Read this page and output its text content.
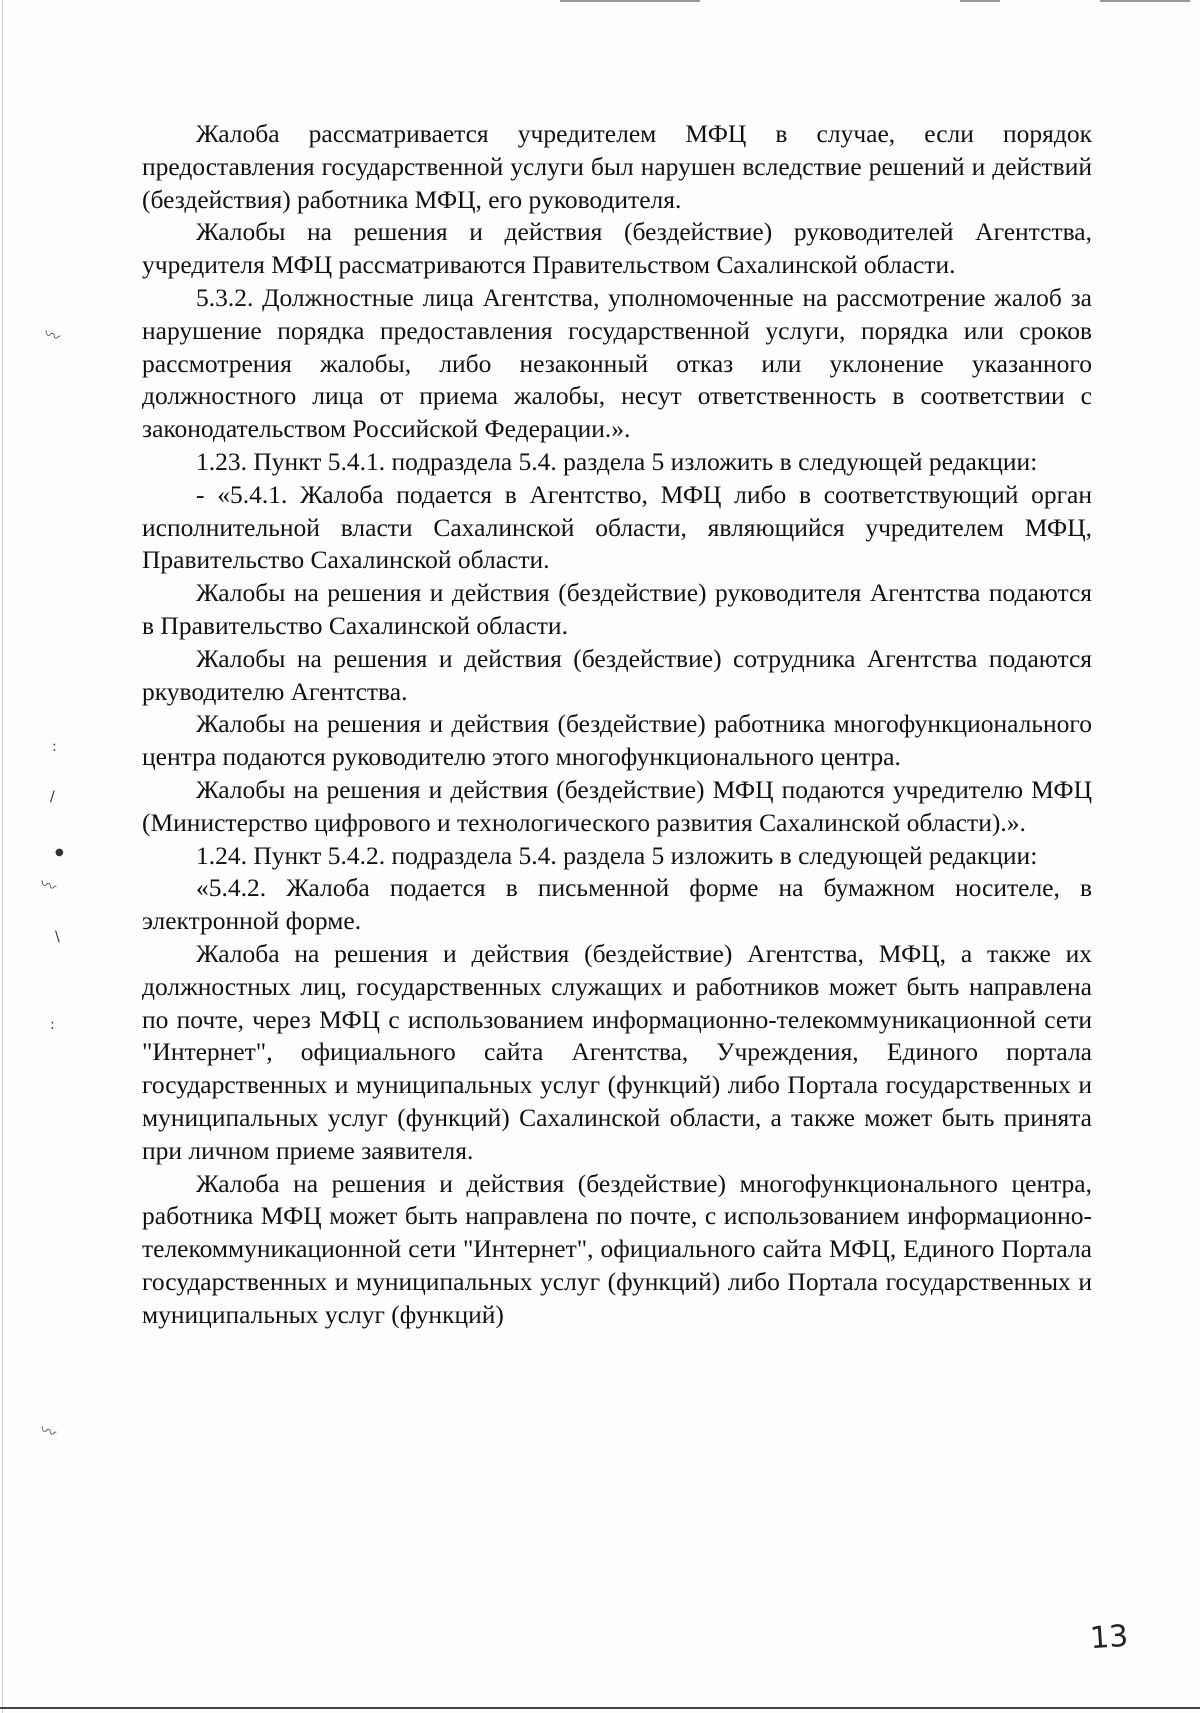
〰
:
/
●
〰
\
:
〰

Жалоба рассматривается учредителем МФЦ в случае, если порядок предоставления государственной услуги был нарушен вследствие решений и действий (бездействия) работника МФЦ, его руководителя.

Жалобы на решения и действия (бездействие) руководителей Агентства, учредителя МФЦ рассматриваются Правительством Сахалинской области.

5.3.2. Должностные лица Агентства, уполномоченные на рассмотрение жалоб за нарушение порядка предоставления государственной услуги, порядка или сроков рассмотрения жалобы, либо незаконный отказ или уклонение указанного должностного лица от приема жалобы, несут ответственность в соответствии с законодательством Российской Федерации.».

1.23. Пункт 5.4.1. подраздела 5.4. раздела 5 изложить в следующей редакции:

- «5.4.1. Жалоба подается в Агентство, МФЦ либо в соответствующий орган исполнительной власти Сахалинской области, являющийся учредителем МФЦ, Правительство Сахалинской области.

Жалобы на решения и действия (бездействие) руководителя Агентства подаются в Правительство Сахалинской области.

Жалобы на решения и действия (бездействие) сотрудника Агентства подаются ркуводителю Агентства.

Жалобы на решения и действия (бездействие) работника многофункционального центра подаются руководителю этого многофункционального центра.

Жалобы на решения и действия (бездействие) МФЦ подаются учредителю МФЦ (Министерство цифрового и технологического развития Сахалинской области).».

1.24. Пункт 5.4.2. подраздела 5.4. раздела 5 изложить в следующей редакции:

«5.4.2. Жалоба подается в письменной форме на бумажном носителе, в электронной форме.

Жалоба на решения и действия (бездействие) Агентства, МФЦ, а также их должностных лиц, государственных служащих и работников может быть направлена по почте, через МФЦ с использованием информационно-телекоммуникационной сети "Интернет", официального сайта Агентства, Учреждения, Единого портала государственных и муниципальных услуг (функций) либо Портала государственных и муниципальных услуг (функций) Сахалинской области, а также может быть принята при личном приеме заявителя.

Жалоба на решения и действия (бездействие) многофункционального центра, работника МФЦ может быть направлена по почте, с использованием информационно-телекоммуникационной сети "Интернет", официального сайта МФЦ, Единого Портала государственных и муниципальных услуг (функций) либо Портала государственных и муниципальных услуг (функций)

13
